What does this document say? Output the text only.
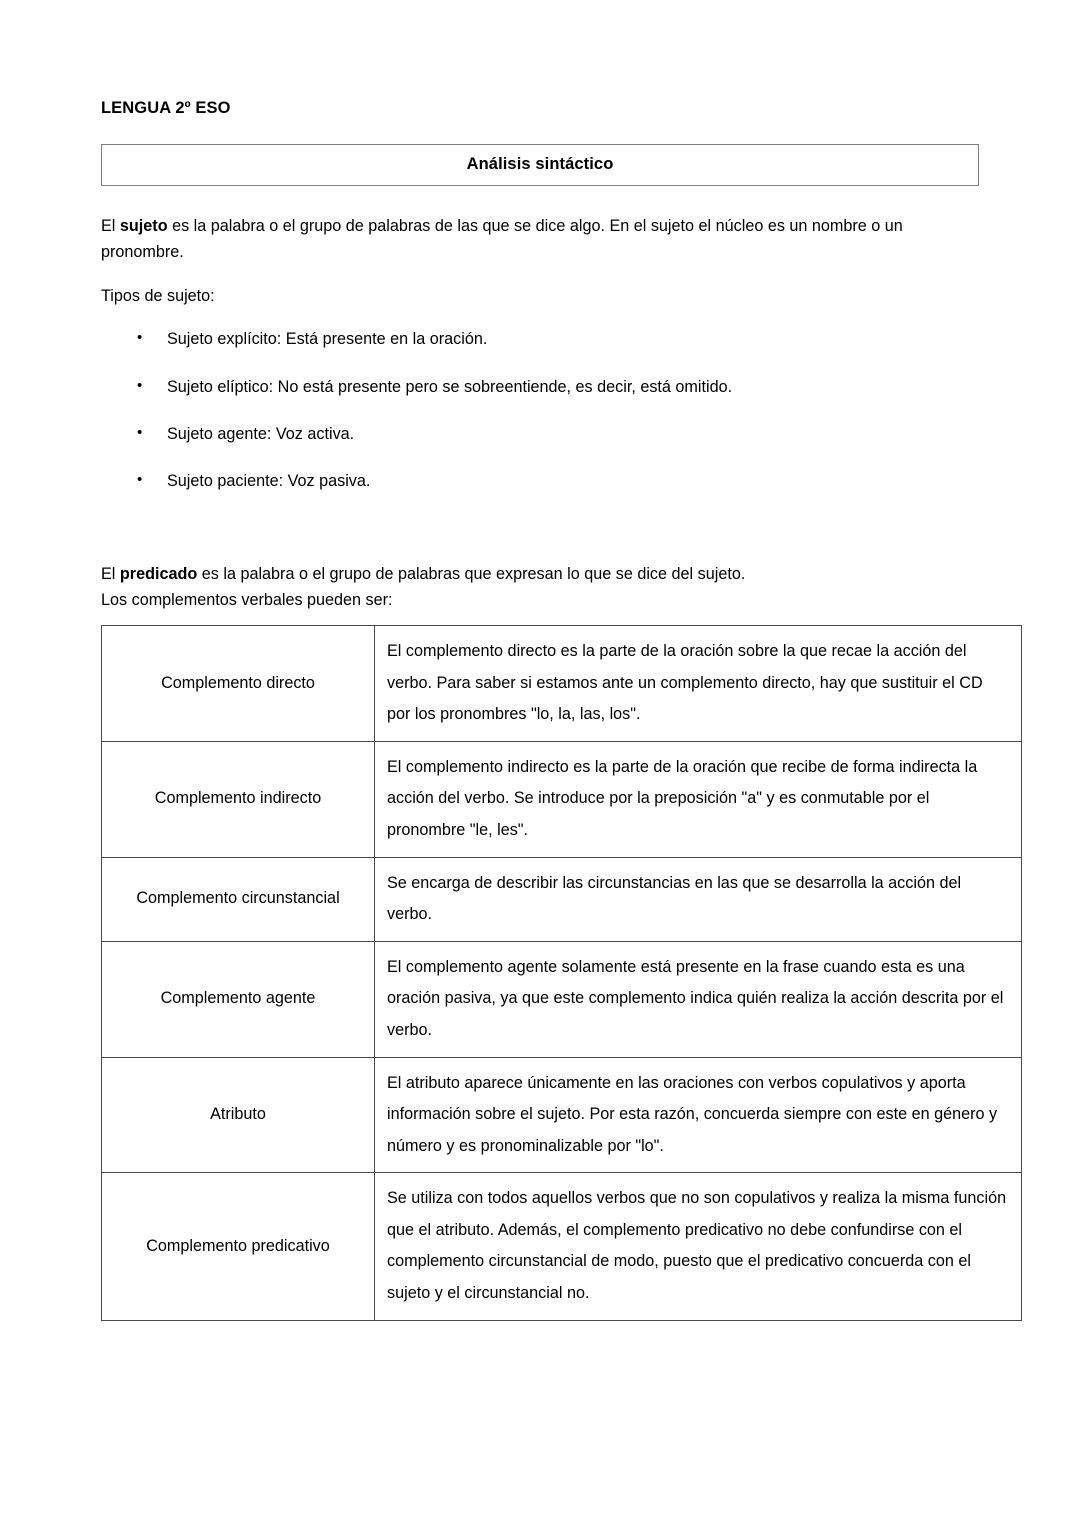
LENGUA 2º ESO
Análisis sintáctico

El sujeto es la palabra o el grupo de palabras de las que se dice algo. En el sujeto el núcleo es un nombre o un pronombre.

Tipos de sujeto:

• Sujeto explícito: Está presente en la oración.
• Sujeto elíptico: No está presente pero se sobreentiende, es decir, está omitido.
• Sujeto agente: Voz activa.
• Sujeto paciente: Voz pasiva.

El predicado es la palabra o el grupo de palabras que expresan lo que se dice del sujeto.

Los complementos verbales pueden ser:

Complemento directo	El complemento directo es la parte de la oración sobre la que recae la acción del verbo. Para saber si estamos ante un complemento directo, hay que sustituir el CD por los pronombres "lo, la, las, los".
Complemento indirecto	El complemento indirecto es la parte de la oración que recibe de forma indirecta la acción del verbo. Se introduce por la preposición "a" y es conmutable por el pronombre "le, les".
Complemento circunstancial	Se encarga de describir las circunstancias en las que se desarrolla la acción del verbo.
Complemento agente	El complemento agente solamente está presente en la frase cuando esta es una oración pasiva, ya que este complemento indica quién realiza la acción descrita por el verbo.
Atributo	El atributo aparece únicamente en las oraciones con verbos copulativos y aporta información sobre el sujeto. Por esta razón, concuerda siempre con este en género y número y es pronominalizable por "lo".
Complemento predicativo	Se utiliza con todos aquellos verbos que no son copulativos y realiza la misma función que el atributo. Además, el complemento predicativo no debe confundirse con el complemento circunstancial de modo, puesto que el predicativo concuerda con el sujeto y el circunstancial no.
